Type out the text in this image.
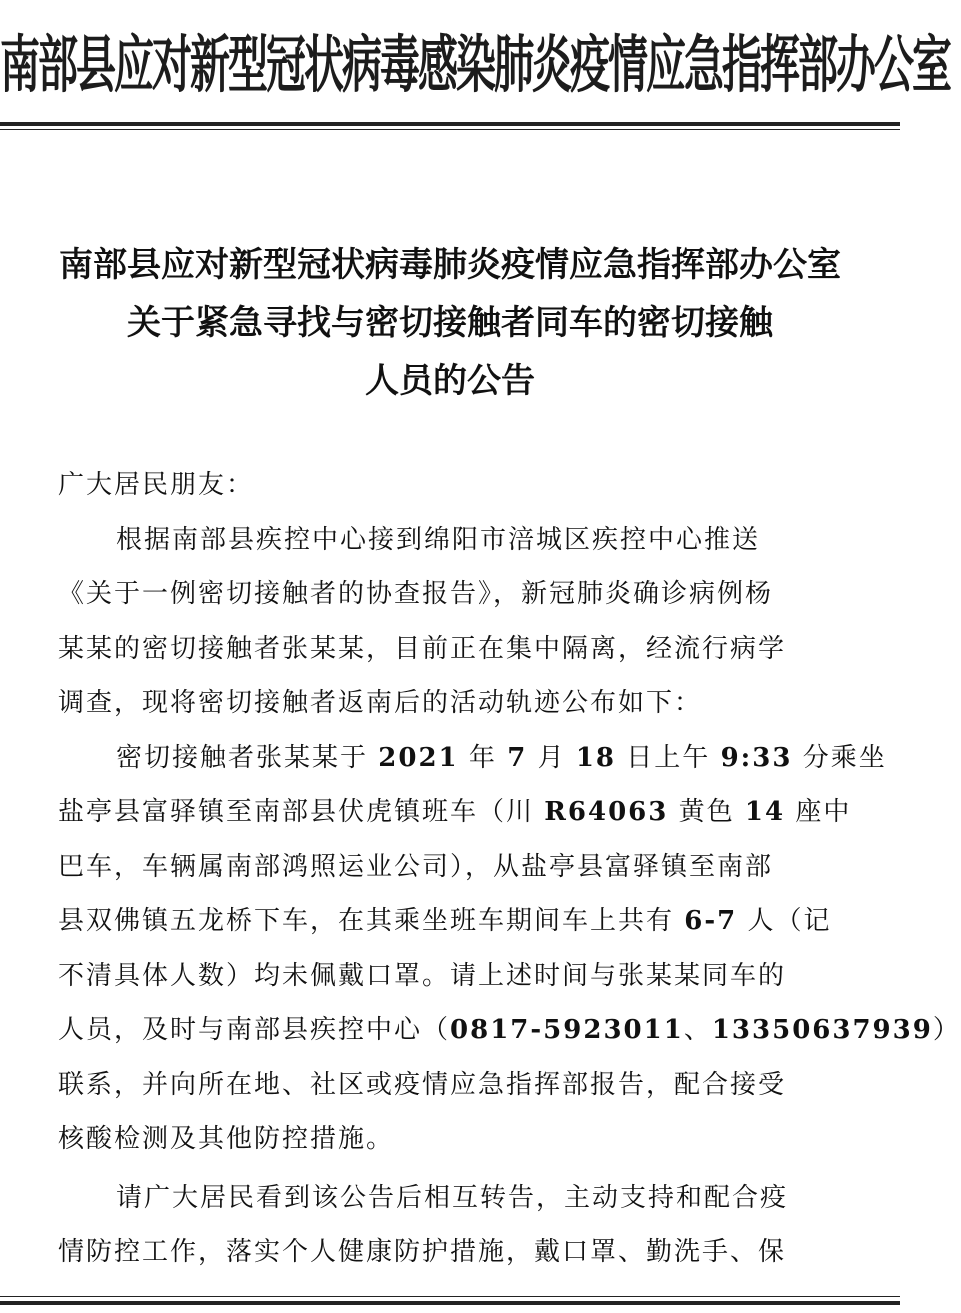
南部县应对新型冠状病毒感染肺炎疫情应急指挥部办公室
南部县应对新型冠状病毒肺炎疫情应急指挥部办公室
关于紧急寻找与密切接触者同车的密切接触
人员的公告

广大居民朋友：

根据南部县疾控中心接到绵阳市涪城区疾控中心推送
《关于一例密切接触者的协查报告》，新冠肺炎确诊病例杨
某某的密切接触者张某某，目前正在集中隔离，经流行病学
调查，现将密切接触者返南后的活动轨迹公布如下：

密切接触者张某某于 2021 年 7 月 18 日上午 9:33 分乘坐
盐亭县富驿镇至南部县伏虎镇班车（川 R64063 黄色 14 座中
巴车，车辆属南部鸿照运业公司），从盐亭县富驿镇至南部
县双佛镇五龙桥下车，在其乘坐班车期间车上共有 6-7 人（记
不清具体人数）均未佩戴口罩。请上述时间与张某某同车的
人员，及时与南部县疾控中心（0817-5923011、13350637939）
联系，并向所在地、社区或疫情应急指挥部报告，配合接受
核酸检测及其他防控措施。

请广大居民看到该公告后相互转告，主动支持和配合疫
情防控工作，落实个人健康防护措施，戴口罩、勤洗手、保
